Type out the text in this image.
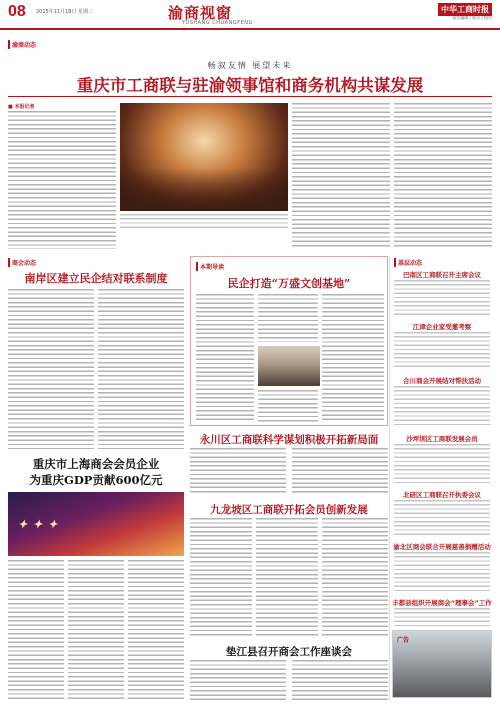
08 2015年11月18日 星期三	渝商视窗
YUSHANG CHUANGFENG
中华工商时报
责任编辑 / 版式 / 校对
渝商动态
畅叙友情 展望未来
重庆市工商联与驻渝领事馆和商务机构共谋发展
■ 本报记者
商会动态
南岸区建立民企结对联系制度
重庆市上海商会会员企业
为重庆GDP贡献600亿元
✦ ✦ ✦
本期导读
民企打造“万盛文创基地”
永川区工商联科学谋划积极开拓新局面
九龙坡区工商联开拓会员创新发展
垫江县召开商会工作座谈会
基层动态
巴南区工商联召开主席会议
江津企业家受邀考察
合川商会开展结对帮扶活动
沙坪坝区工商联发展会员
北碚区工商联召开执委会议
渝北区商会联合开展慈善捐赠活动
丰都县组织开展商会“理事会”工作
广告
